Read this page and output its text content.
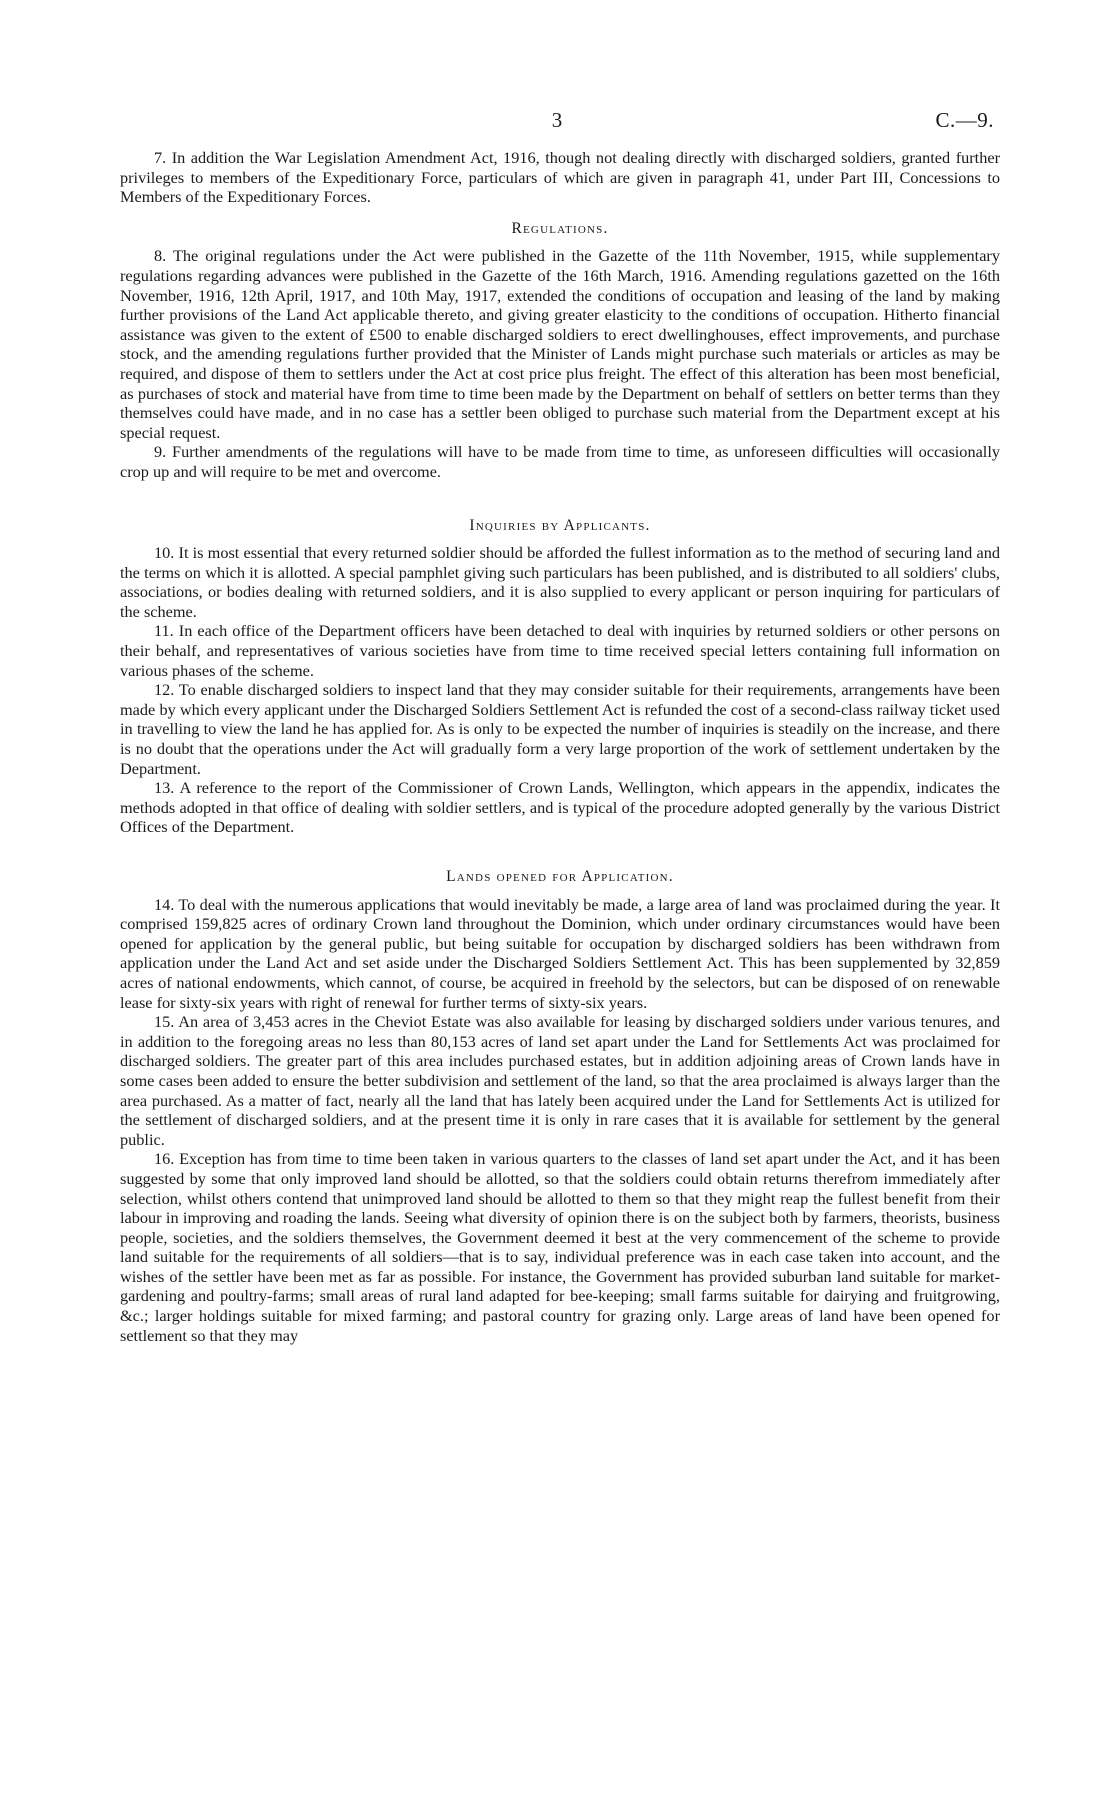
3	C.—9.

7. In addition the War Legislation Amendment Act, 1916, though not dealing directly with discharged soldiers, granted further privileges to members of the Expeditionary Force, particulars of which are given in paragraph 41, under Part III, Concessions to Members of the Expeditionary Forces.

Regulations.

8. The original regulations under the Act were published in the Gazette of the 11th November, 1915, while supplementary regulations regarding advances were published in the Gazette of the 16th March, 1916. Amending regulations gazetted on the 16th November, 1916, 12th April, 1917, and 10th May, 1917, extended the conditions of occupation and leasing of the land by making further provisions of the Land Act applicable thereto, and giving greater elasticity to the conditions of occupation. Hitherto financial assistance was given to the extent of £500 to enable discharged soldiers to erect dwellinghouses, effect improvements, and purchase stock, and the amending regulations further provided that the Minister of Lands might purchase such materials or articles as may be required, and dispose of them to settlers under the Act at cost price plus freight. The effect of this alteration has been most beneficial, as purchases of stock and material have from time to time been made by the Department on behalf of settlers on better terms than they themselves could have made, and in no case has a settler been obliged to purchase such material from the Department except at his special request.

9. Further amendments of the regulations will have to be made from time to time, as unforeseen difficulties will occasionally crop up and will require to be met and overcome.

Inquiries by Applicants.

10. It is most essential that every returned soldier should be afforded the fullest information as to the method of securing land and the terms on which it is allotted. A special pamphlet giving such particulars has been published, and is distributed to all soldiers' clubs, associations, or bodies dealing with returned soldiers, and it is also supplied to every applicant or person inquiring for particulars of the scheme.

11. In each office of the Department officers have been detached to deal with inquiries by returned soldiers or other persons on their behalf, and representatives of various societies have from time to time received special letters containing full information on various phases of the scheme.

12. To enable discharged soldiers to inspect land that they may consider suitable for their requirements, arrangements have been made by which every applicant under the Discharged Soldiers Settlement Act is refunded the cost of a second-class railway ticket used in travelling to view the land he has applied for. As is only to be expected the number of inquiries is steadily on the increase, and there is no doubt that the operations under the Act will gradually form a very large proportion of the work of settlement undertaken by the Department.

13. A reference to the report of the Commissioner of Crown Lands, Wellington, which appears in the appendix, indicates the methods adopted in that office of dealing with soldier settlers, and is typical of the procedure adopted generally by the various District Offices of the Department.

Lands opened for Application.

14. To deal with the numerous applications that would inevitably be made, a large area of land was proclaimed during the year. It comprised 159,825 acres of ordinary Crown land throughout the Dominion, which under ordinary circumstances would have been opened for application by the general public, but being suitable for occupation by discharged soldiers has been withdrawn from application under the Land Act and set aside under the Discharged Soldiers Settlement Act. This has been supplemented by 32,859 acres of national endowments, which cannot, of course, be acquired in freehold by the selectors, but can be disposed of on renewable lease for sixty-six years with right of renewal for further terms of sixty-six years.

15. An area of 3,453 acres in the Cheviot Estate was also available for leasing by discharged soldiers under various tenures, and in addition to the foregoing areas no less than 80,153 acres of land set apart under the Land for Settlements Act was proclaimed for discharged soldiers. The greater part of this area includes purchased estates, but in addition adjoining areas of Crown lands have in some cases been added to ensure the better subdivision and settlement of the land, so that the area proclaimed is always larger than the area purchased. As a matter of fact, nearly all the land that has lately been acquired under the Land for Settlements Act is utilized for the settlement of discharged soldiers, and at the present time it is only in rare cases that it is available for settlement by the general public.

16. Exception has from time to time been taken in various quarters to the classes of land set apart under the Act, and it has been suggested by some that only improved land should be allotted, so that the soldiers could obtain returns therefrom immediately after selection, whilst others contend that unimproved land should be allotted to them so that they might reap the fullest benefit from their labour in improving and roading the lands. Seeing what diversity of opinion there is on the subject both by farmers, theorists, business people, societies, and the soldiers themselves, the Government deemed it best at the very commencement of the scheme to provide land suitable for the requirements of all soldiers—that is to say, individual preference was in each case taken into account, and the wishes of the settler have been met as far as possible. For instance, the Government has provided suburban land suitable for market-gardening and poultry-farms; small areas of rural land adapted for bee-keeping; small farms suitable for dairying and fruitgrowing, &c.; larger holdings suitable for mixed farming; and pastoral country for grazing only. Large areas of land have been opened for settlement so that they may
